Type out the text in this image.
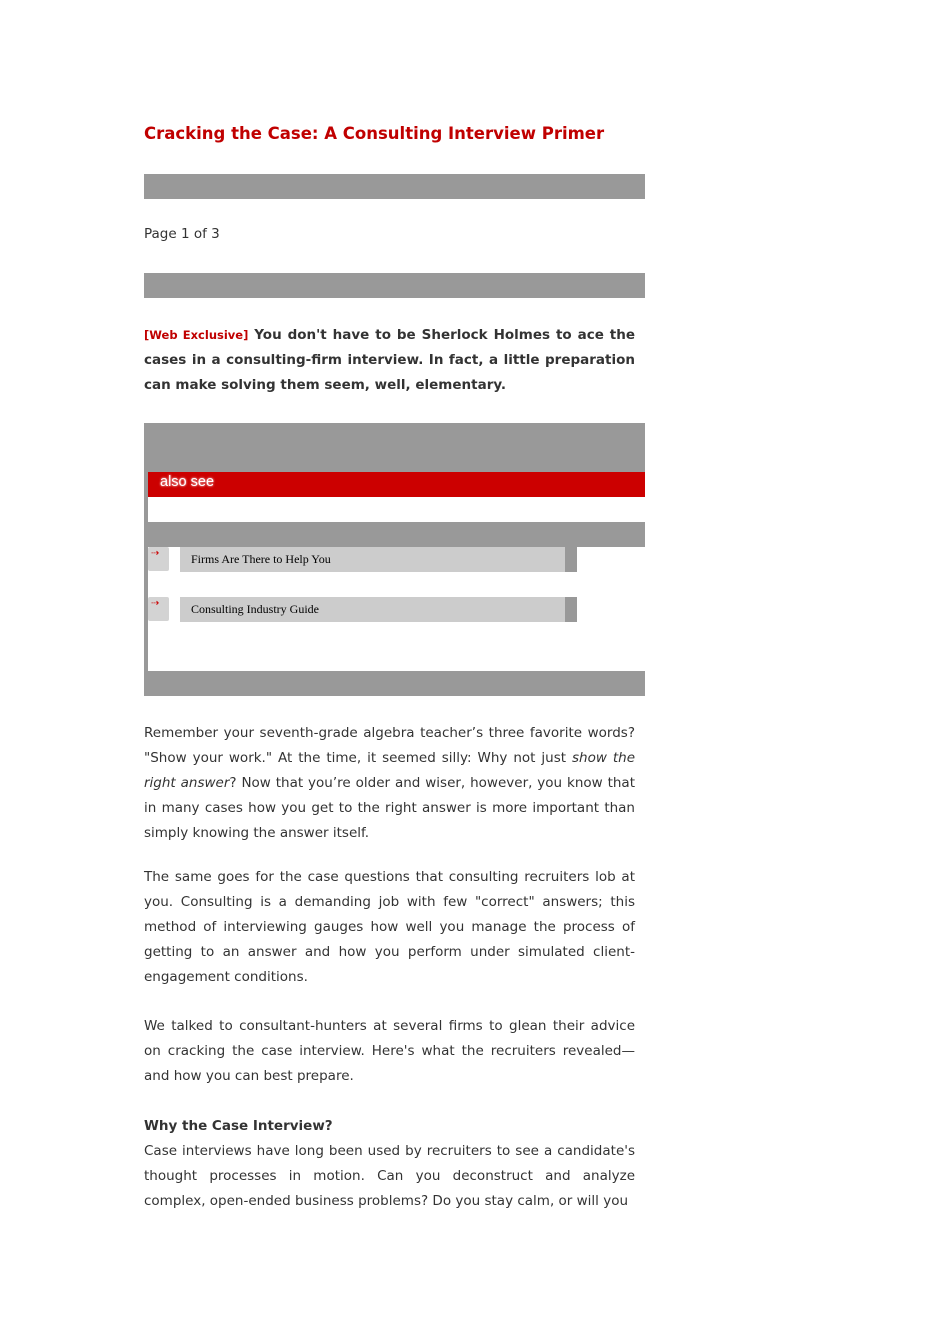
Cracking the Case: A Consulting Interview Primer
Page 1 of 3

[Web Exclusive] You don't have to be Sherlock Holmes to ace the cases in a consulting-firm interview. In fact, a little preparation can make solving them seem, well, elementary.

also see
⇢	Firms Are There to Help You
⇢	Consulting Industry Guide

Remember your seventh-grade algebra teacher’s three favorite words? "Show your work." At the time, it seemed silly: Why not just show the right answer? Now that you’re older and wiser, however, you know that in many cases how you get to the right answer is more important than simply knowing the answer itself.

The same goes for the case questions that consulting recruiters lob at you. Consulting is a demanding job with few "correct" answers; this method of interviewing gauges how well you manage the process of getting to an answer and how you perform under simulated client-engagement conditions.

We talked to consultant-hunters at several firms to glean their advice on cracking the case interview. Here's what the recruiters revealed—and how you can best prepare.

Why the Case Interview?

Case interviews have long been used by recruiters to see a candidate's thought processes in motion. Can you deconstruct and analyze complex, open-ended business problems? Do you stay calm, or will you
